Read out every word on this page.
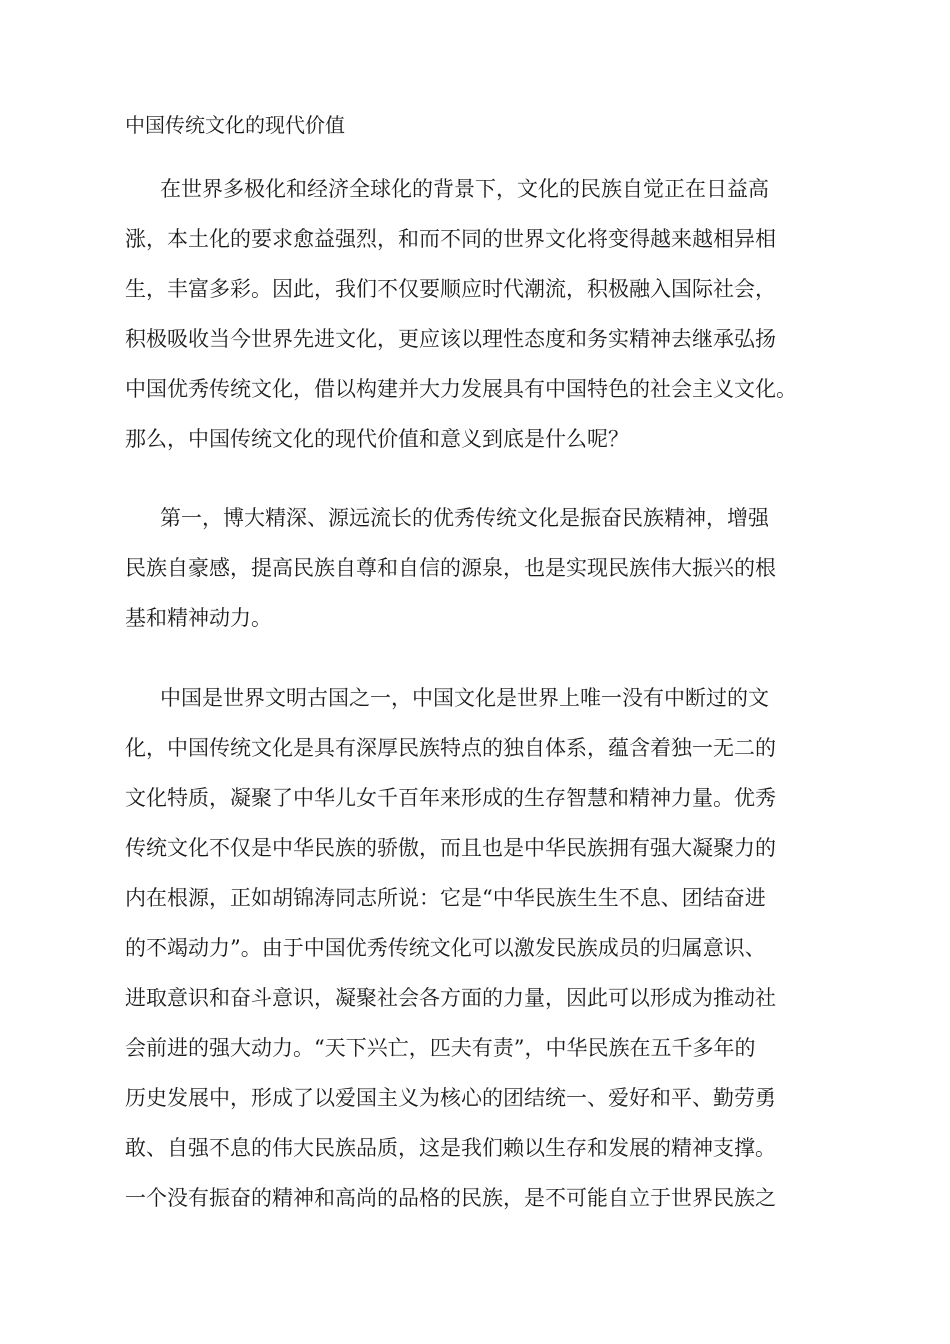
中国传统文化的现代价值
在世界多极化和经济全球化的背景下，文化的民族自觉正在日益高
涨，本土化的要求愈益强烈，和而不同的世界文化将变得越来越相异相
生，丰富多彩。因此，我们不仅要顺应时代潮流，积极融入国际社会，
积极吸收当今世界先进文化，更应该以理性态度和务实精神去继承弘扬
中国优秀传统文化，借以构建并大力发展具有中国特色的社会主义文化。
那么，中国传统文化的现代价值和意义到底是什么呢？
第一，博大精深、源远流长的优秀传统文化是振奋民族精神，增强
民族自豪感，提高民族自尊和自信的源泉，也是实现民族伟大振兴的根
基和精神动力。
中国是世界文明古国之一，中国文化是世界上唯一没有中断过的文
化，中国传统文化是具有深厚民族特点的独自体系，蕴含着独一无二的
文化特质，凝聚了中华儿女千百年来形成的生存智慧和精神力量。优秀
传统文化不仅是中华民族的骄傲，而且也是中华民族拥有强大凝聚力的
内在根源，正如胡锦涛同志所说：它是“中华民族生生不息、团结奋进
的不竭动力”。由于中国优秀传统文化可以激发民族成员的归属意识、
进取意识和奋斗意识，凝聚社会各方面的力量，因此可以形成为推动社
会前进的强大动力。“天下兴亡，匹夫有责”，中华民族在五千多年的
历史发展中，形成了以爱国主义为核心的团结统一、爱好和平、勤劳勇
敢、自强不息的伟大民族品质，这是我们赖以生存和发展的精神支撑。
一个没有振奋的精神和高尚的品格的民族，是不可能自立于世界民族之
